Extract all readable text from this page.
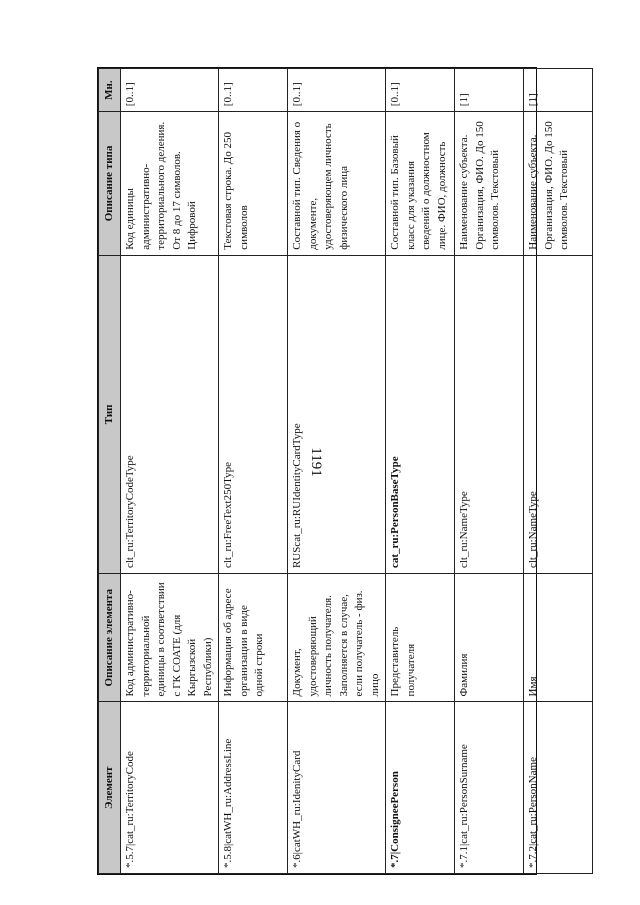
1191
Элемент	Описание элемента	Тип	Описание типа	Мн.
*.5.7|cat_ru:TerritoryCode	Код административно-территориальной единицы в соответствии с ГК СОАТЕ (для Кыргызской Республики)	clt_ru:TerritoryCodeType	Код единицы административно-территориального деления. От 8 до 17 символов. Цифровой	[0..1]
*.5.8|catWH_ru:AddressLine	Информация об адресе организации в виде одной строки	clt_ru:FreeText250Type	Текстовая строка. До 250 символов	[0..1]
*.6|catWH_ru:IdenityCard	Документ, удостоверяющий личность получателя. Заполняется в случае, если получатель - физ. лицо	RUScat_ru:RUIdentityCardType	Составной тип. Сведения о документе, удостоверяющем личность физического лица	[0..1]
*.7|ConsigneePerson	Представитель получателя	cat_ru:PersonBaseType	Составной тип. Базовый класс для указания сведений о должностном лице. ФИО, должность	[0..1]
*.7.1|cat_ru:PersonSurname	Фамилия	clt_ru:NameType	Наименование субъекта. Организация, ФИО. До 150 символов. Текстовый	[1]
*.7.2|cat_ru:PersonName	Имя	clt_ru:NameType	Наименование субъекта. Организация, ФИО. До 150 символов. Текстовый	[1]
